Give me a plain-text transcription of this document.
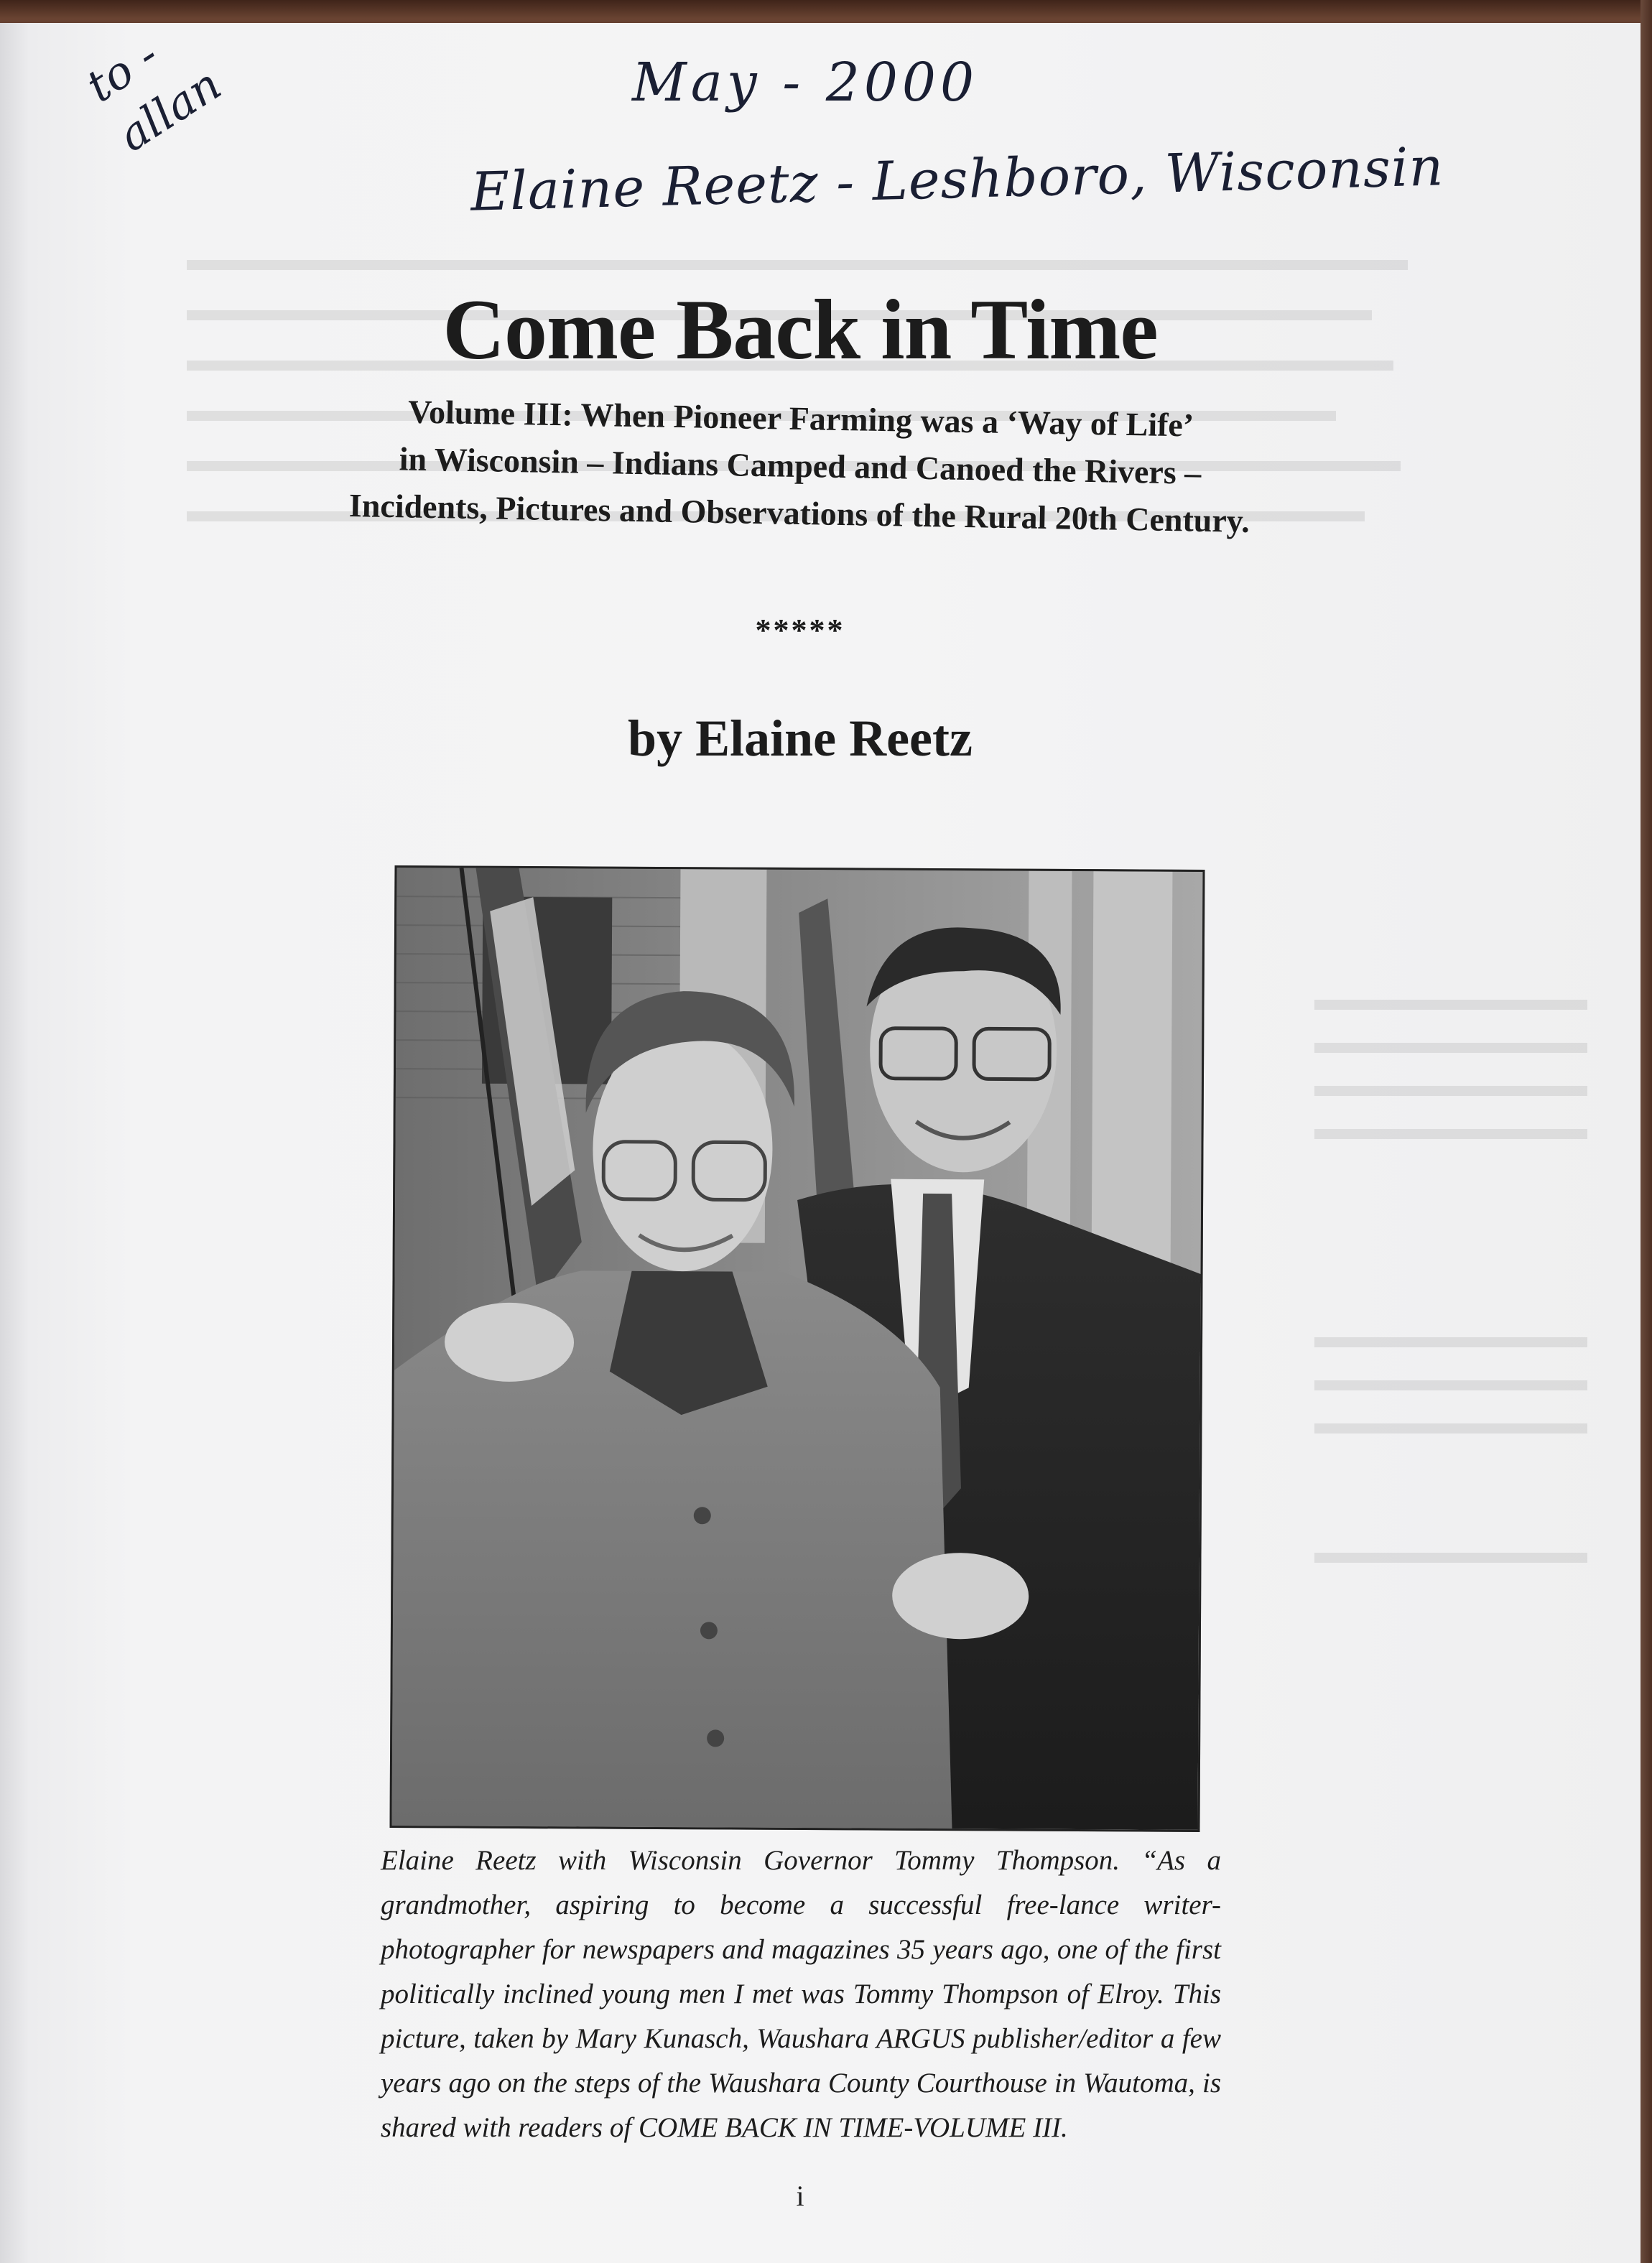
May - 2000
Elaine Reetz - Leshboro, Wisconsin
to - allan
Come Back in Time
Volume III: When Pioneer Farming was a ‘Way of Life’
in Wisconsin – Indians Camped and Canoed the Rivers –
Incidents, Pictures and Observations of the Rural 20th Century.
*****
by Elaine Reetz
Elaine Reetz with Wisconsin Governor Tommy Thompson. “As a grandmother, aspiring to become a successful free-lance writer-photographer for newspapers and magazines 35 years ago, one of the first politically inclined young men I met was Tommy Thompson of Elroy. This picture, taken by Mary Kunasch, Waushara ARGUS publisher/editor a few years ago on the steps of the Waushara County Courthouse in Wautoma, is shared with readers of COME BACK IN TIME-VOLUME III.
i
